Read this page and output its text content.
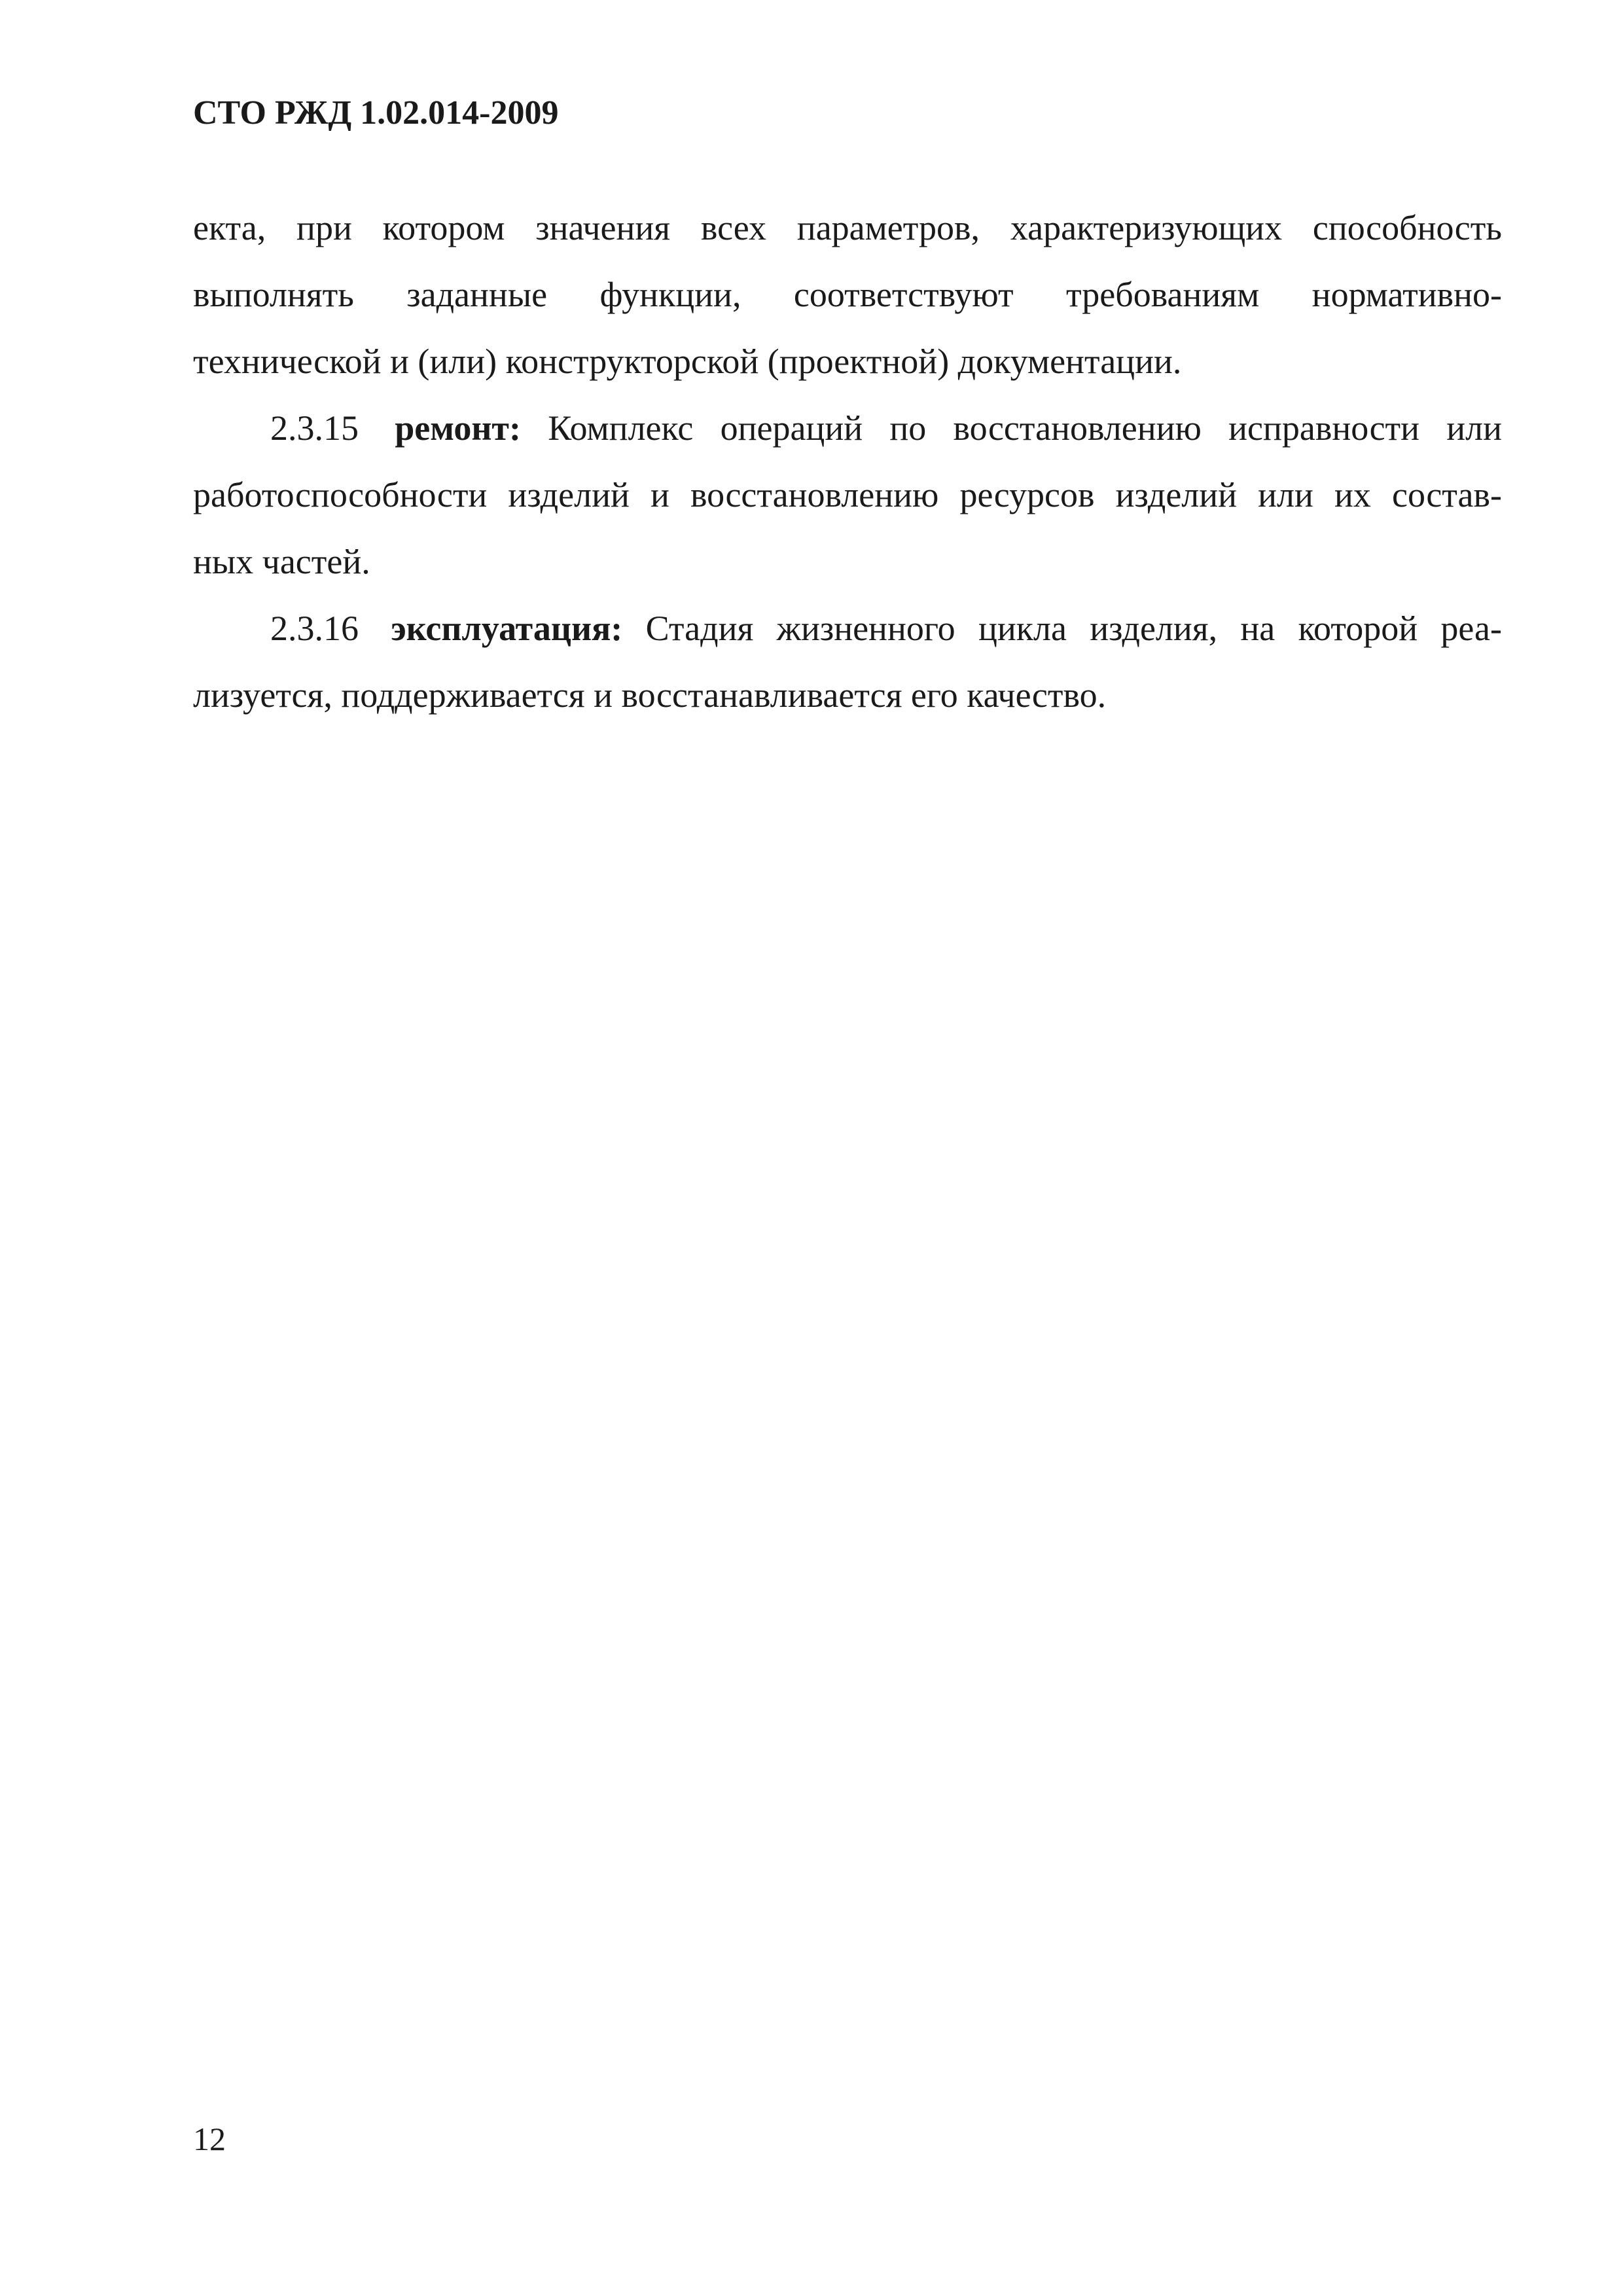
СТО РЖД 1.02.014-2009

екта, при котором значения всех параметров, характеризующих способность
выполнять заданные функции, соответствуют требованиям нормативно-
технической и (или) конструкторской (проектной) документации.

2.3.15 ремонт: Комплекс операций по восстановлению исправности или
работоспособности изделий и восстановлению ресурсов изделий или их состав-
ных частей.

2.3.16 эксплуатация: Стадия жизненного цикла изделия, на которой реа-
лизуется, поддерживается и восстанавливается его качество.

12
